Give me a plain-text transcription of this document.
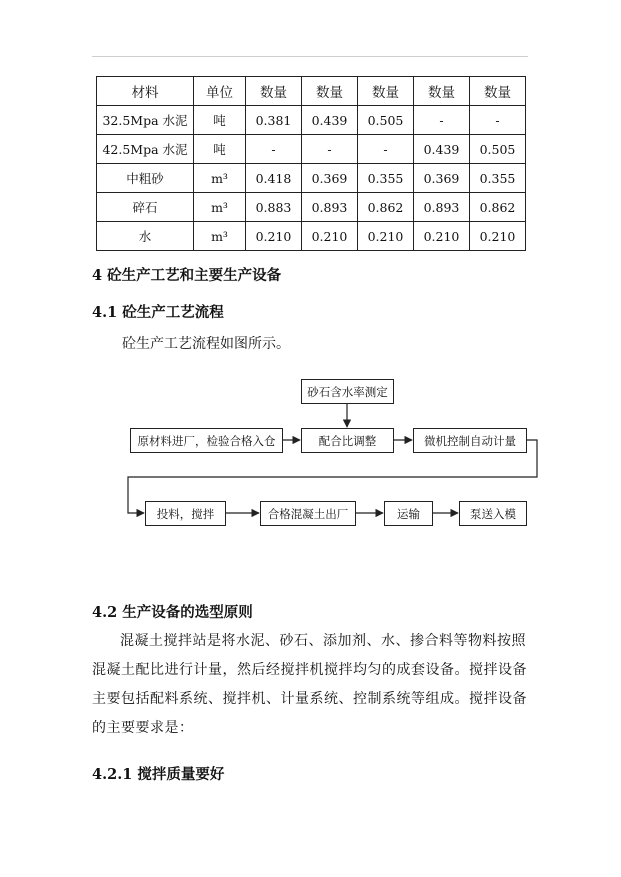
材料	单位	数量	数量	数量	数量	数量
32.5Mpa 水泥	吨	0.381	0.439	0.505	-	-
42.5Mpa 水泥	吨	-	-	-	0.439	0.505
中粗砂	m³	0.418	0.369	0.355	0.369	0.355
碎石	m³	0.883	0.893	0.862	0.893	0.862
水	m³	0.210	0.210	0.210	0.210	0.210
4 砼生产工艺和主要生产设备
4.1 砼生产工艺流程
砼生产工艺流程如图所示。
砂石含水率测定
原材料进厂，检验合格入仓	配合比调整	微机控制自动计量
投料，搅拌	合格混凝土出厂	运输	泵送入模
4.2 生产设备的选型原则
混凝土搅拌站是将水泥、砂石、添加剂、水、掺合料等物料按照混凝土配比进行计量，然后经搅拌机搅拌均匀的成套设备。搅拌设备主要包括配料系统、搅拌机、计量系统、控制系统等组成。搅拌设备的主要要求是：
4.2.1 搅拌质量要好
